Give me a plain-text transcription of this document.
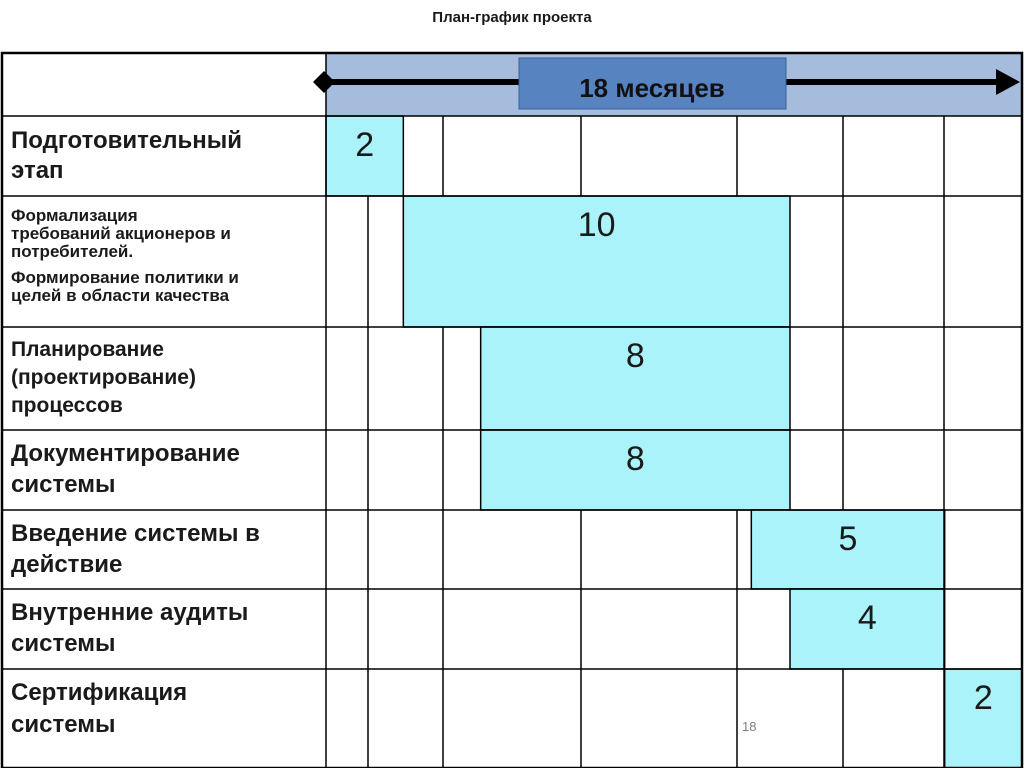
План-график проекта
18 месяцев
Подготовительный этап
Формализация требований акционеров и потребителей. Формирование политики и целей в области качества
Планирование (проектирование) процессов
Документирование системы
Введение системы в действие
Внутренние аудиты системы
Сертификация системы
2
10
8
8
5
4
2
18
